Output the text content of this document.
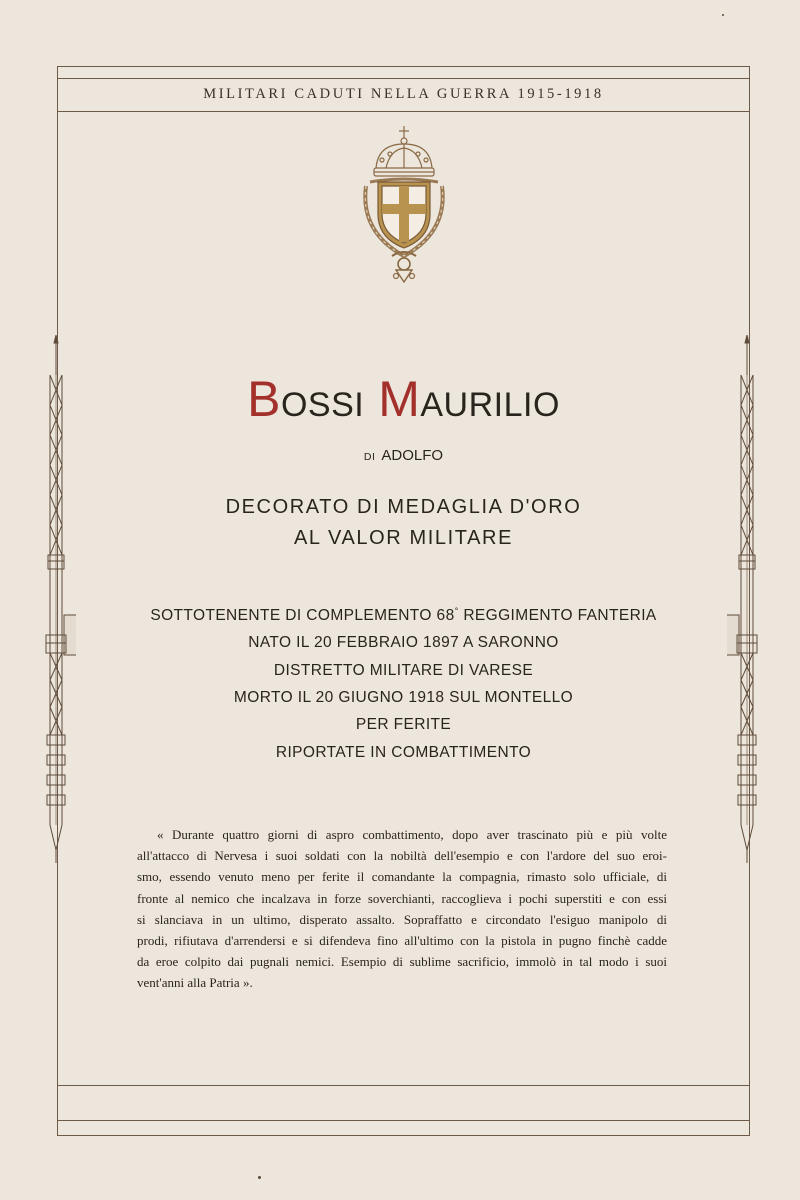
MILITARI CADUTI NELLA GUERRA 1915-1918
BOSSI MAURILIO
DI ADOLFO
DECORATO DI MEDAGLIA D'ORO
AL VALOR MILITARE
SOTTOTENENTE DI COMPLEMENTO 68° REGGIMENTO FANTERIA
NATO IL 20 FEBBRAIO 1897 A SARONNO
DISTRETTO MILITARE DI VARESE
MORTO IL 20 GIUGNO 1918 SUL MONTELLO
PER FERITE
RIPORTATE IN COMBATTIMENTO
« Durante quattro giorni di aspro combattimento, dopo aver trascinato più e più volte
all'attacco di Nervesa i suoi soldati con la nobiltà dell'esempio e con l'ardore del suo eroi-
smo, essendo venuto meno per ferite il comandante la compagnia, rimasto solo ufficiale, di
fronte al nemico che incalzava in forze soverchianti, raccoglieva i pochi superstiti e con essi
si slanciava in un ultimo, disperato assalto. Sopraffatto e circondato l'esiguo manipolo di
prodi, rifiutava d'arrendersi e si difendeva fino all'ultimo con la pistola in pugno finchè cadde
da eroe colpito dai pugnali nemici. Esempio di sublime sacrificio, immolò in tal modo i suoi
vent'anni alla Patria ».
